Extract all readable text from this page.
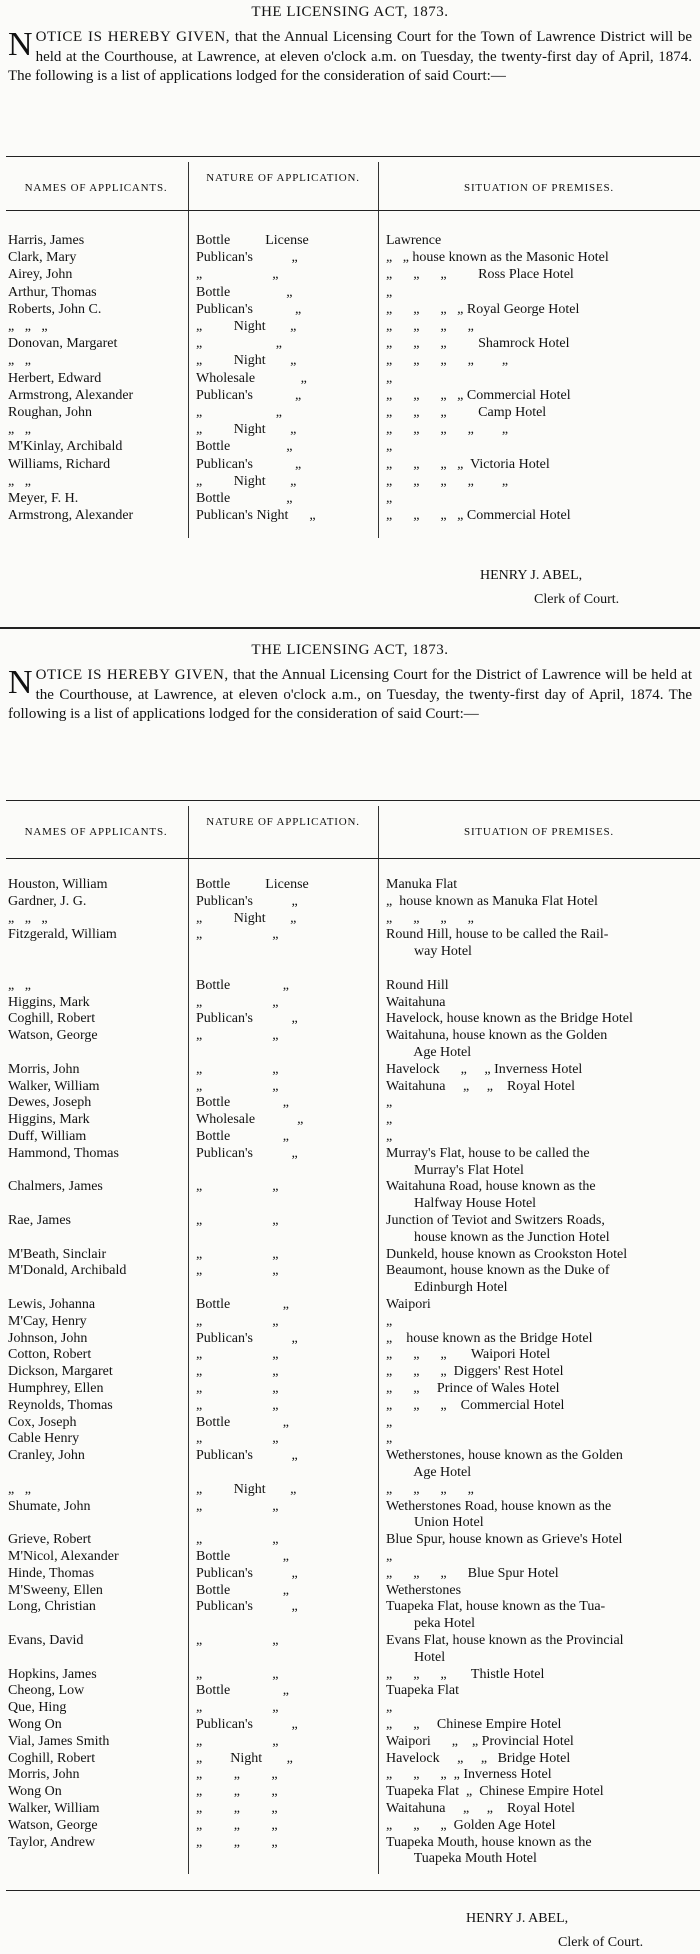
THE LICENSING ACT, 1873.
NOTICE IS HEREBY GIVEN, that the Annual Licensing Court for the Town of Lawrence District will be held at the Courthouse, at Lawrence, at eleven o'clock a.m. on Tuesday, the twenty-first day of April, 1874. The following is a list of applications lodged for the consideration of said Court:—
NAMES OF APPLICANTS.
NATURE OF APPLICATION.
SITUATION OF PREMISES.
Harris, James	Bottle          License	Lawrence
Clark, Mary	Publican's           „	„   „ house known as the Masonic Hotel
Airey, John	„                    „	„      „      „         Ross Place Hotel
Arthur, Thomas	Bottle                „	„
Roberts, John C.	Publican's            „	„      „      „   „ Royal George Hotel
„   „   „	„         Night       „	„      „      „      „
Donovan, Margaret	„                     „	„      „      „         Shamrock Hotel
„   „	„         Night       „	„      „      „      „        „
Herbert, Edward	Wholesale             „	„
Armstrong, Alexander	Publican's            „	„      „      „   „ Commercial Hotel
Roughan, John	„                     „	„      „      „         Camp Hotel
„   „	„         Night       „	„      „      „      „        „
M'Kinlay, Archibald	Bottle                „	„
Williams, Richard	Publican's            „	„      „      „   „  Victoria Hotel
„   „	„         Night       „	„      „      „      „        „
Meyer, F. H.	Bottle                „	„
Armstrong, Alexander	Publican's Night      „	„      „      „   „ Commercial Hotel
HENRY J. ABEL,
Clerk of Court.
THE LICENSING ACT, 1873.
NOTICE IS HEREBY GIVEN, that the Annual Licensing Court for the District of Lawrence will be held at the Courthouse, at Lawrence, at eleven o'clock a.m., on Tuesday, the twenty-first day of April, 1874. The following is a list of applications lodged for the consideration of said Court:—
NAMES OF APPLICANTS.
NATURE OF APPLICATION.
SITUATION OF PREMISES.
Houston, William	Bottle          License	Manuka Flat
Gardner, J. G.	Publican's           „	„  house known as Manuka Flat Hotel
„   „   „	„         Night       „	„      „      „      „
Fitzgerald, William	„                    „	Round Hill, house to be called the Rail-
way Hotel
„   „	Bottle               „	Round Hill
Higgins, Mark	„                    „	Waitahuna
Coghill, Robert	Publican's           „	Havelock, house known as the Bridge Hotel
Watson, George	„                    „	Waitahuna, house known as the Golden
Age Hotel
Morris, John	„                    „	Havelock      „     „ Inverness Hotel
Walker, William	„                    „	Waitahuna     „     „    Royal Hotel
Dewes, Joseph	Bottle               „	„
Higgins, Mark	Wholesale            „	„
Duff, William	Bottle               „	„
Hammond, Thomas	Publican's           „	Murray's Flat, house to be called the
Murray's Flat Hotel
Chalmers, James	„                    „	Waitahuna Road, house known as the
Halfway House Hotel
Rae, James	„                    „	Junction of Teviot and Switzers Roads,
house known as the Junction Hotel
M'Beath, Sinclair	„                    „	Dunkeld, house known as Crookston Hotel
M'Donald, Archibald	„                    „	Beaumont, house known as the Duke of
Edinburgh Hotel
Lewis, Johanna	Bottle               „	Waipori
M'Cay, Henry	„                    „	„
Johnson, John	Publican's           „	„    house known as the Bridge Hotel
Cotton, Robert	„                    „	„      „      „       Waipori Hotel
Dickson, Margaret	„                    „	„      „      „  Diggers' Rest Hotel
Humphrey, Ellen	„                    „	„      „     Prince of Wales Hotel
Reynolds, Thomas	„                    „	„      „      „    Commercial Hotel
Cox, Joseph	Bottle               „	„
Cable Henry	„                    „	„
Cranley, John	Publican's           „	Wetherstones, house known as the Golden
Age Hotel
„   „	„         Night       „	„      „      „      „
Shumate, John	„                    „	Wetherstones Road, house known as the
Union Hotel
Grieve, Robert	„                    „	Blue Spur, house known as Grieve's Hotel
M'Nicol, Alexander	Bottle               „	„
Hinde, Thomas	Publican's           „	„      „      „      Blue Spur Hotel
M'Sweeny, Ellen	Bottle               „	Wetherstones
Long, Christian	Publican's           „	Tuapeka Flat, house known as the Tua-
peka Hotel
Evans, David	„                    „	Evans Flat, house known as the Provincial
Hotel
Hopkins, James	„                    „	„      „      „       Thistle Hotel
Cheong, Low	Bottle               „	Tuapeka Flat
Que, Hing	„                    „	„
Wong On	Publican's           „	„      „     Chinese Empire Hotel
Vial, James Smith	„                    „	Waipori      „    „ Provincial Hotel
Coghill, Robert	„        Night       „	Havelock     „     „   Bridge Hotel
Morris, John	„         „         „	„      „      „  „ Inverness Hotel
Wong On	„         „         „	Tuapeka Flat  „  Chinese Empire Hotel
Walker, William	„         „         „	Waitahuna     „     „    Royal Hotel
Watson, George	„         „         „	„      „      „  Golden Age Hotel
Taylor, Andrew	„         „         „	Tuapeka Mouth, house known as the
Tuapeka Mouth Hotel
HENRY J. ABEL,
Clerk of Court.
